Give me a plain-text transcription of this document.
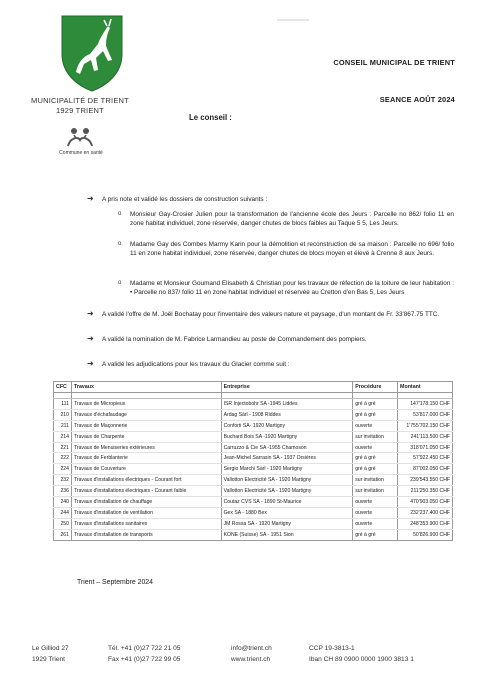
MUNICIPALITÉ DE TRIENT
1929 TRIENT
Commune en santé
CONSEIL MUNICIPAL DE TRIENT
SEANCE AOÛT 2024
Le conseil :
➜ A pris note et validé les dossiers de construction suivants :
o Monsieur Gay-Crosier Julien pour la transformation de l'ancienne école des Jeurs : Parcelle no 862/ folio 11 en zone habitat individuel, zone réservée, danger chutes de blocs faibles au Taque 5 5, Les Jeurs.
o Madame Gay des Combes Marmy Karin pour la démolition et reconstruction de sa maison : Parcelle no 696/ folio 11 en zone habitat individuel, zone réservée, danger chutes de blocs moyen et élevé à Crenne 8 aux Jeurs.
o Madame et Monsieur Goumand Elisabeth & Christian pour les travaux de réfection de la toiture de leur habitation : • Parcelle no 837/ folio 11 en zone habitat individuel et réservée au Cretton d'en Bas 5, Les Jeurs
➜ A validé l'offre de M. Joël Bochatay pour l'inventaire des valeurs nature et paysage, d'un montant de Fr. 33'867.75 TTC.
➜ A validé la nomination de M. Fabrice Larmandieu au poste de Commandement des pompiers.
➜ A validé les adjudications pour les travaux du Glacier comme suit :
CFC	Travaux	Entreprise	Procédure	Montant

111	Travaux de Micropieux	ISR Injectobohr SA -1945 Liddes	gré à gré	147'178.150 CHF
210	Travaux d'échafaudage	Ardag Sàrl - 1908 Riddes	gré à gré	53'817.000 CHF
211	Travaux de Maçonnerie	Conforti SA- 1920 Martigny	ouverte	1'755'702.150 CHF
214	Travaux de Charpente	Buchard Bois SA -1920 Martigny	sur invitation	241'113.500 CHF
221	Travaux de Menuiseries extérieures	Carruzzo & Cie SA -1955 Chamoson	ouverte	318'071.050 CHF
222	Travaux de Ferblanterie	Jean-Michel Sarrasin SA - 1937 Orsières	gré à gré	57'922.450 CHF
224	Travaux de Couverture	Sergio Marchi Sàrl - 1920 Martigny	gré à gré	87'002.050 CHF
232	Travaux d'installations électriques - Courant fort	Vallotton Electricité SA - 1920 Martigny	sur invitation	239'543.550 CHF
236	Travaux d'installations électriques - Courant faible	Vallotton Electricité SA - 1920 Martigny	sur invitation	211'250.350 CHF
240	Travaux d'installation de chauffage	Coutaz CVS SA - 1890 St-Maurice	ouverte	470'903.050 CHF
244	Travaux d'installation de ventilation	Gex SA - 1880 Bex	ouverte	232'237.400 CHF
250	Travaux d'installations sanitaires	JM Rossa SA - 1920 Martigny	ouverte	248'353.900 CHF
261	Travaux d'installation de transports	KONE (Suisse) SA - 1951 Sion	gré à gré	50'826.900 CHF
Trient – Septembre 2024
Le Gilliod 27
1929 Trient
Tél. +41 (0)27 722 21 05
Fax +41 (0)27 722 99 05
info@trient.ch
www.trient.ch
CCP 19-3813-1
Iban CH 89 0900 0000 1900 3813 1
